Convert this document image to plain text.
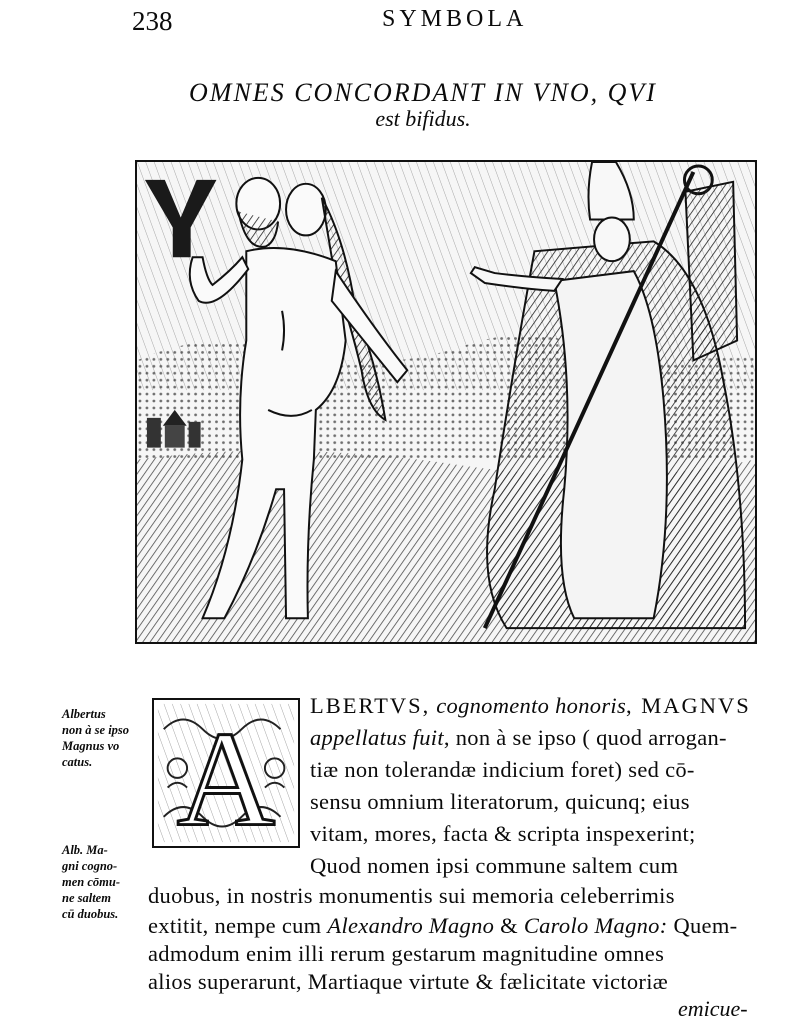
238	SYMBOLA
OMNES CONCORDANT IN VNO, QVI
est bifidus.
Albertus
non à se ipso
Magnus vo
catus.
Alb. Ma-
gni cogno-
men cōmu-
ne saltem
cū duobus.
A LBERTVS, cognomento honoris, MAGNVS
appellatus fuit, non à se ipso ( quod arrogan-
tiæ non tolerandæ indicium foret) sed cō-
sensu omnium literatorum, quicunq; eius
vitam, mores, facta & scripta inspexerint;
Quod nomen ipsi commune saltem cum
duobus, in nostris monumentis sui memoria celeberrimis
extitit, nempe cum Alexandro Magno & Carolo Magno: Quem-
admodum enim illi rerum gestarum magnitudine omnes
alios superarunt, Martiaque virtute & fælicitate victoriæ
emicue-
